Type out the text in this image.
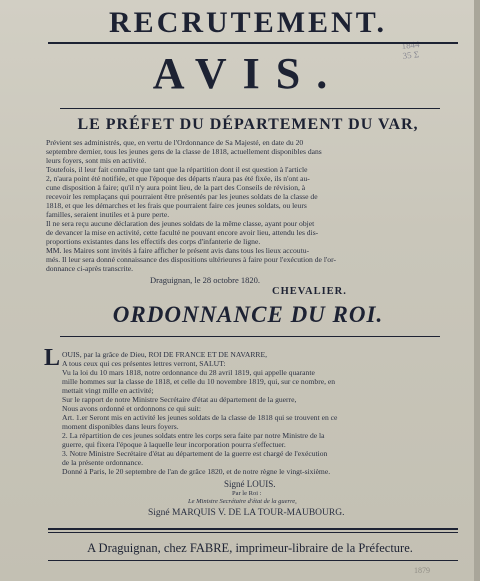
1844
35 Σ
RECRUTEMENT.
AVIS.
LE PRÉFET DU DÉPARTEMENT DU VAR,
Prévient ses administrés, que, en vertu de l'Ordonnance de Sa Majesté, en date du 20
septembre dernier, tous les jeunes gens de la classe de 1818, actuellement disponibles dans
leurs foyers, sont mis en activité.
Toutefois, il leur fait connaître que tant que la répartition dont il est question à l'article
2, n'aura point été notifiée, et que l'époque des départs n'aura pas été fixée, ils n'ont au-
cune disposition à faire; qu'il n'y aura point lieu, de la part des Conseils de révision, à
recevoir les remplaçans qui pourraient être présentés par les jeunes soldats de la classe de
1818, et que les démarches et les frais que pourraient faire ces jeunes soldats, ou leurs
familles, seraient inutiles et à pure perte.
Il ne sera reçu aucune déclaration des jeunes soldats de la même classe, ayant pour objet
de devancer la mise en activité, cette faculté ne pouvant encore avoir lieu, attendu les dis-
proportions existantes dans les effectifs des corps d'infanterie de ligne.
MM. les Maires sont invités à faire afficher le présent avis dans tous les lieux accoutu-
més. Il leur sera donné connaissance des dispositions ultérieures à faire pour l'exécution de l'or-
donnance ci-après transcrite.
Draguignan, le 28 octobre 1820.
CHEVALIER.
ORDONNANCE DU ROI.
L OUIS, par la grâce de Dieu, ROI DE FRANCE ET DE NAVARRE,
A tous ceux qui ces présentes lettres verront, SALUT:
Vu la loi du 10 mars 1818, notre ordonnance du 28 avril 1819, qui appelle quarante
mille hommes sur la classe de 1818, et celle du 10 novembre 1819, qui, sur ce nombre, en
mettait vingt mille en activité;
Sur le rapport de notre Ministre Secrétaire d'état au département de la guerre,
Nous avons ordonné et ordonnons ce qui suit:
Art. 1.er Seront mis en activité les jeunes soldats de la classe de 1818 qui se trouvent en ce
moment disponibles dans leurs foyers.
2. La répartition de ces jeunes soldats entre les corps sera faite par notre Ministre de la
guerre, qui fixera l'époque à laquelle leur incorporation pourra s'effectuer.
3. Notre Ministre Secrétaire d'état au département de la guerre est chargé de l'exécution
de la présente ordonnance.
Donné à Paris, le 20 septembre de l'an de grâce 1820, et de notre règne le vingt-sixième.
Signé LOUIS.
Par le Roi :
Le Ministre Secrétaire d'état de la guerre,
Signé MARQUIS V. DE LA TOUR-MAUBOURG.
A Draguignan, chez FABRE, imprimeur-libraire de la Préfecture.
1879
